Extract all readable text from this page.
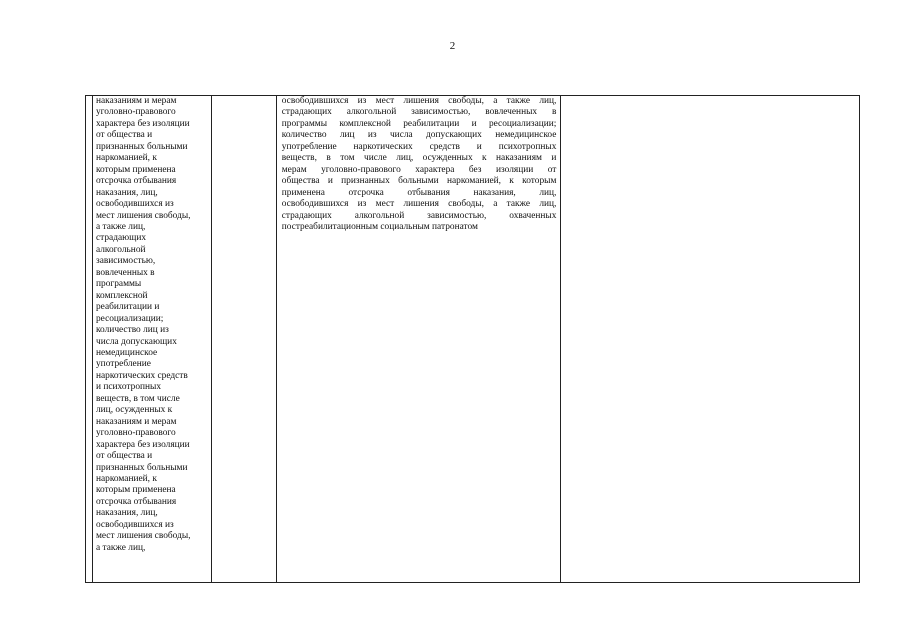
2
наказаниям и мерам
уголовно-правового
характера без изоляции
от общества и
признанных больными
наркоманией, к
которым применена
отсрочка отбывания
наказания, лиц,
освободившихся из
мест лишения свободы,
а также лиц,
страдающих
алкогольной
зависимостью,
вовлеченных в
программы
комплексной
реабилитации и
ресоциализации;
количество лиц из
числа допускающих
немедицинское
употребление
наркотических средств
и психотропных
веществ, в том числе
лиц, осужденных к
наказаниям и мерам
уголовно-правового
характера без изоляции
от общества и
признанных больными
наркоманией, к
которым применена
отсрочка отбывания
наказания, лиц,
освободившихся из
мест лишения свободы,
а также лиц,
освободившихся из мест лишения свободы, а также лиц,
страдающих алкогольной зависимостью, вовлеченных в
программы комплексной реабилитации и ресоциализации;
количество лиц из числа допускающих немедицинское
употребление наркотических средств и психотропных
веществ, в том числе лиц, осужденных к наказаниям и
мерам уголовно-правового характера без изоляции от
общества и признанных больными наркоманией, к которым
применена отсрочка отбывания наказания, лиц,
освободившихся из мест лишения свободы, а также лиц,
страдающих алкогольной зависимостью, охваченных
постреабилитационным социальным патронатом
